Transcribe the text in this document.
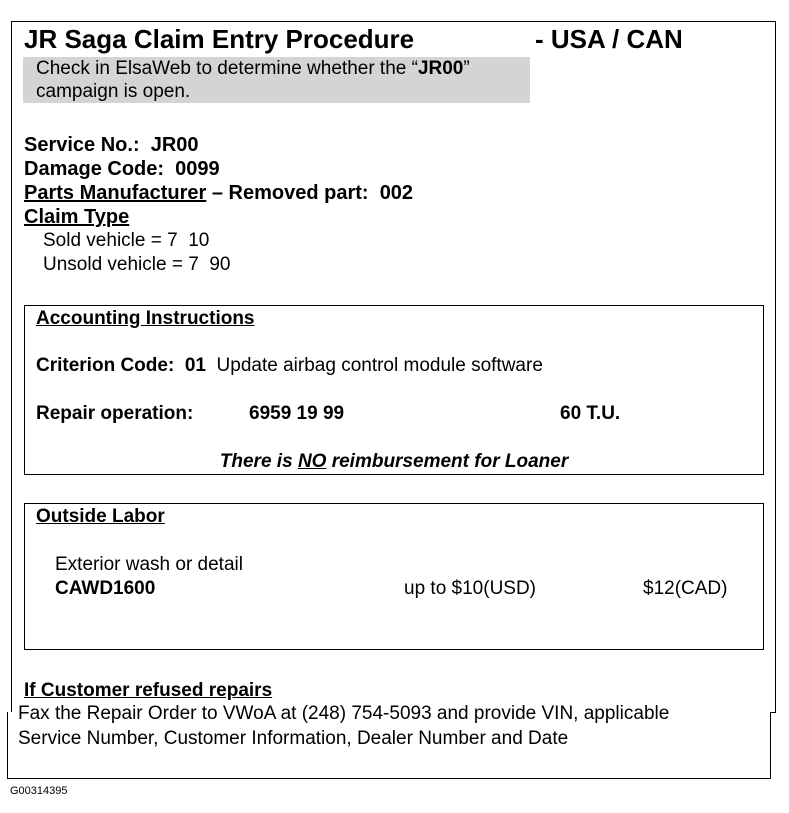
JR Saga Claim Entry Procedure	- USA / CAN
Check in ElsaWeb to determine whether the “JR00”
campaign is open.
Service No.: JR00
Damage Code: 0099
Parts Manufacturer – Removed part: 002
Claim Type
Sold vehicle = 7  10
Unsold vehicle = 7  90
Accounting Instructions
Criterion Code: 01 Update airbag control module software
Repair operation:	6959 19 99	60 T.U.
There is NO reimbursement for Loaner
Outside Labor
Exterior wash or detail
CAWD1600	up to $10(USD)	$12(CAD)
If Customer refused repairs
Fax the Repair Order to VWoA at (248) 754-5093 and provide VIN, applicable
Service Number, Customer Information, Dealer Number and Date
G00314395
